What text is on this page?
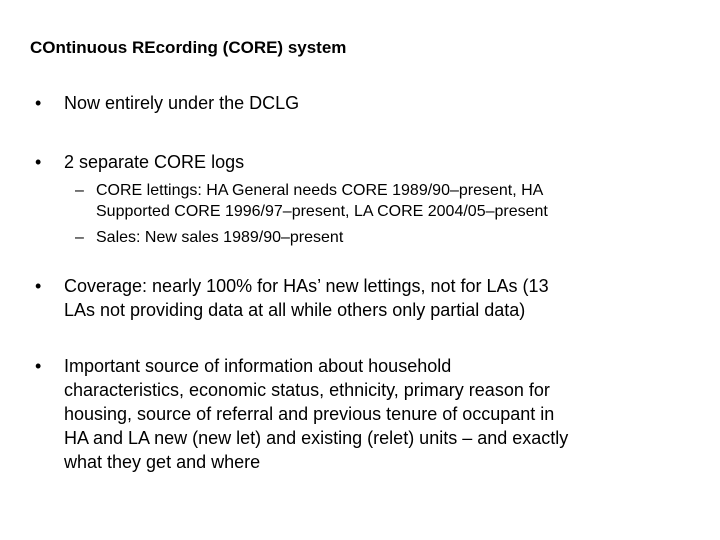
COntinuous REcording (CORE) system
•	Now entirely under the DCLG
•	2 separate CORE logs
– CORE lettings: HA General needs CORE 1989/90–present, HA
Supported CORE 1996/97–present, LA CORE 2004/05–present
– Sales: New sales 1989/90–present
•	Coverage: nearly 100% for HAs’ new lettings, not for LAs (13
LAs not providing data at all while others only partial data)
•	Important source of information about household
characteristics, economic status, ethnicity, primary reason for
housing, source of referral and previous tenure of occupant in
HA and LA new (new let) and existing (relet) units – and exactly
what they get and where
